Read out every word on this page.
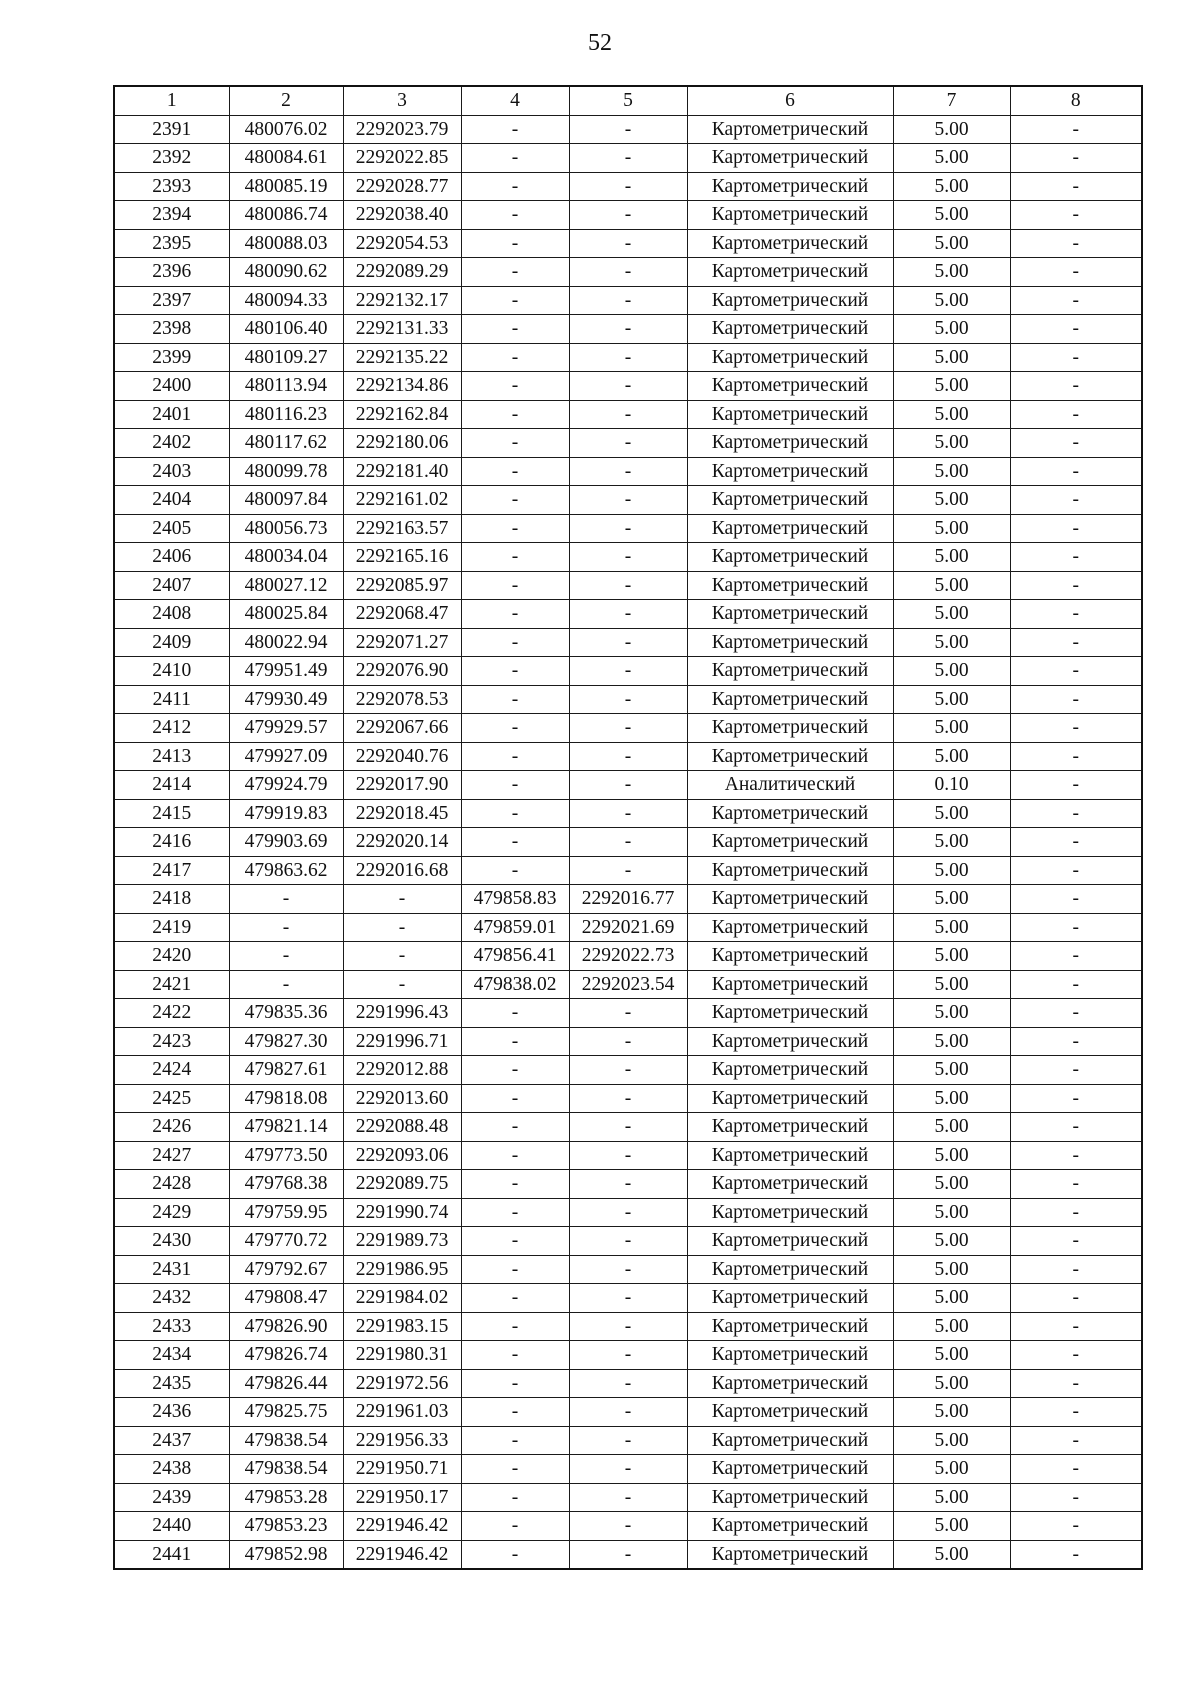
52
1	2	3	4	5	6	7	8
2391	480076.02	2292023.79	-	-	Картометрический	5.00	-
2392	480084.61	2292022.85	-	-	Картометрический	5.00	-
2393	480085.19	2292028.77	-	-	Картометрический	5.00	-
2394	480086.74	2292038.40	-	-	Картометрический	5.00	-
2395	480088.03	2292054.53	-	-	Картометрический	5.00	-
2396	480090.62	2292089.29	-	-	Картометрический	5.00	-
2397	480094.33	2292132.17	-	-	Картометрический	5.00	-
2398	480106.40	2292131.33	-	-	Картометрический	5.00	-
2399	480109.27	2292135.22	-	-	Картометрический	5.00	-
2400	480113.94	2292134.86	-	-	Картометрический	5.00	-
2401	480116.23	2292162.84	-	-	Картометрический	5.00	-
2402	480117.62	2292180.06	-	-	Картометрический	5.00	-
2403	480099.78	2292181.40	-	-	Картометрический	5.00	-
2404	480097.84	2292161.02	-	-	Картометрический	5.00	-
2405	480056.73	2292163.57	-	-	Картометрический	5.00	-
2406	480034.04	2292165.16	-	-	Картометрический	5.00	-
2407	480027.12	2292085.97	-	-	Картометрический	5.00	-
2408	480025.84	2292068.47	-	-	Картометрический	5.00	-
2409	480022.94	2292071.27	-	-	Картометрический	5.00	-
2410	479951.49	2292076.90	-	-	Картометрический	5.00	-
2411	479930.49	2292078.53	-	-	Картометрический	5.00	-
2412	479929.57	2292067.66	-	-	Картометрический	5.00	-
2413	479927.09	2292040.76	-	-	Картометрический	5.00	-
2414	479924.79	2292017.90	-	-	Аналитический	0.10	-
2415	479919.83	2292018.45	-	-	Картометрический	5.00	-
2416	479903.69	2292020.14	-	-	Картометрический	5.00	-
2417	479863.62	2292016.68	-	-	Картометрический	5.00	-
2418	-	-	479858.83	2292016.77	Картометрический	5.00	-
2419	-	-	479859.01	2292021.69	Картометрический	5.00	-
2420	-	-	479856.41	2292022.73	Картометрический	5.00	-
2421	-	-	479838.02	2292023.54	Картометрический	5.00	-
2422	479835.36	2291996.43	-	-	Картометрический	5.00	-
2423	479827.30	2291996.71	-	-	Картометрический	5.00	-
2424	479827.61	2292012.88	-	-	Картометрический	5.00	-
2425	479818.08	2292013.60	-	-	Картометрический	5.00	-
2426	479821.14	2292088.48	-	-	Картометрический	5.00	-
2427	479773.50	2292093.06	-	-	Картометрический	5.00	-
2428	479768.38	2292089.75	-	-	Картометрический	5.00	-
2429	479759.95	2291990.74	-	-	Картометрический	5.00	-
2430	479770.72	2291989.73	-	-	Картометрический	5.00	-
2431	479792.67	2291986.95	-	-	Картометрический	5.00	-
2432	479808.47	2291984.02	-	-	Картометрический	5.00	-
2433	479826.90	2291983.15	-	-	Картометрический	5.00	-
2434	479826.74	2291980.31	-	-	Картометрический	5.00	-
2435	479826.44	2291972.56	-	-	Картометрический	5.00	-
2436	479825.75	2291961.03	-	-	Картометрический	5.00	-
2437	479838.54	2291956.33	-	-	Картометрический	5.00	-
2438	479838.54	2291950.71	-	-	Картометрический	5.00	-
2439	479853.28	2291950.17	-	-	Картометрический	5.00	-
2440	479853.23	2291946.42	-	-	Картометрический	5.00	-
2441	479852.98	2291946.42	-	-	Картометрический	5.00	-
